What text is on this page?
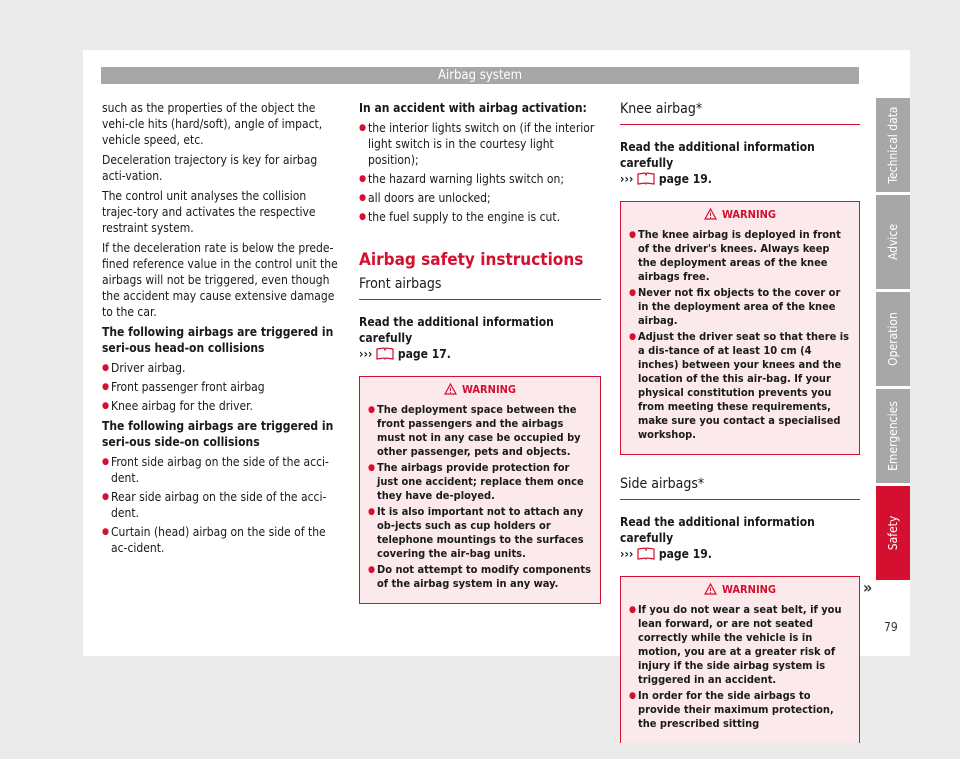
Airbag system

such as the properties of the object the vehi-cle hits (hard/soft), angle of impact, vehicle speed, etc.

Deceleration trajectory is key for airbag acti-vation.

The control unit analyses the collision trajec-tory and activates the respective restraint system.

If the deceleration rate is below the prede-fined reference value in the control unit the airbags will not be triggered, even though the accident may cause extensive damage to the car.

The following airbags are triggered in seri-ous head-on collisions

● Driver airbag.
● Front passenger front airbag
● Knee airbag for the driver.

The following airbags are triggered in seri-ous side-on collisions

● Front side airbag on the side of the acci-dent.
● Rear side airbag on the side of the acci-dent.
● Curtain (head) airbag on the side of the ac-cident.

In an accident with airbag activation:

● the interior lights switch on (if the interior light switch is in the courtesy light position);
● the hazard warning lights switch on;
● all doors are unlocked;
● the fuel supply to the engine is cut.
Airbag safety instructions
Front airbags

Read the additional information carefully
››› page 17.

WARNING
● The deployment space between the front passengers and the airbags must not in any case be occupied by other passenger, pets and objects.
● The airbags provide protection for just one accident; replace them once they have de-ployed.
● It is also important not to attach any ob-jects such as cup holders or telephone mountings to the surfaces covering the air-bag units.
● Do not attempt to modify components of the airbag system in any way.
Knee airbag*

Read the additional information carefully
››› page 19.

WARNING
● The knee airbag is deployed in front of the driver's knees. Always keep the deployment areas of the knee airbags free.
● Never not fix objects to the cover or in the deployment area of the knee airbag.
● Adjust the driver seat so that there is a dis-tance of at least 10 cm (4 inches) between your knees and the location of the this air-bag. If your physical constitution prevents you from meeting these requirements, make sure you contact a specialised workshop.
Side airbags*

Read the additional information carefully
››› page 19.

WARNING
● If you do not wear a seat belt, if you lean forward, or are not seated correctly while the vehicle is in motion, you are at a greater risk of injury if the side airbag system is triggered in an accident.
● In order for the side airbags to provide their maximum protection, the prescribed sitting
»
Technical data
Advice
Operation
Emergencies
Safety
79
